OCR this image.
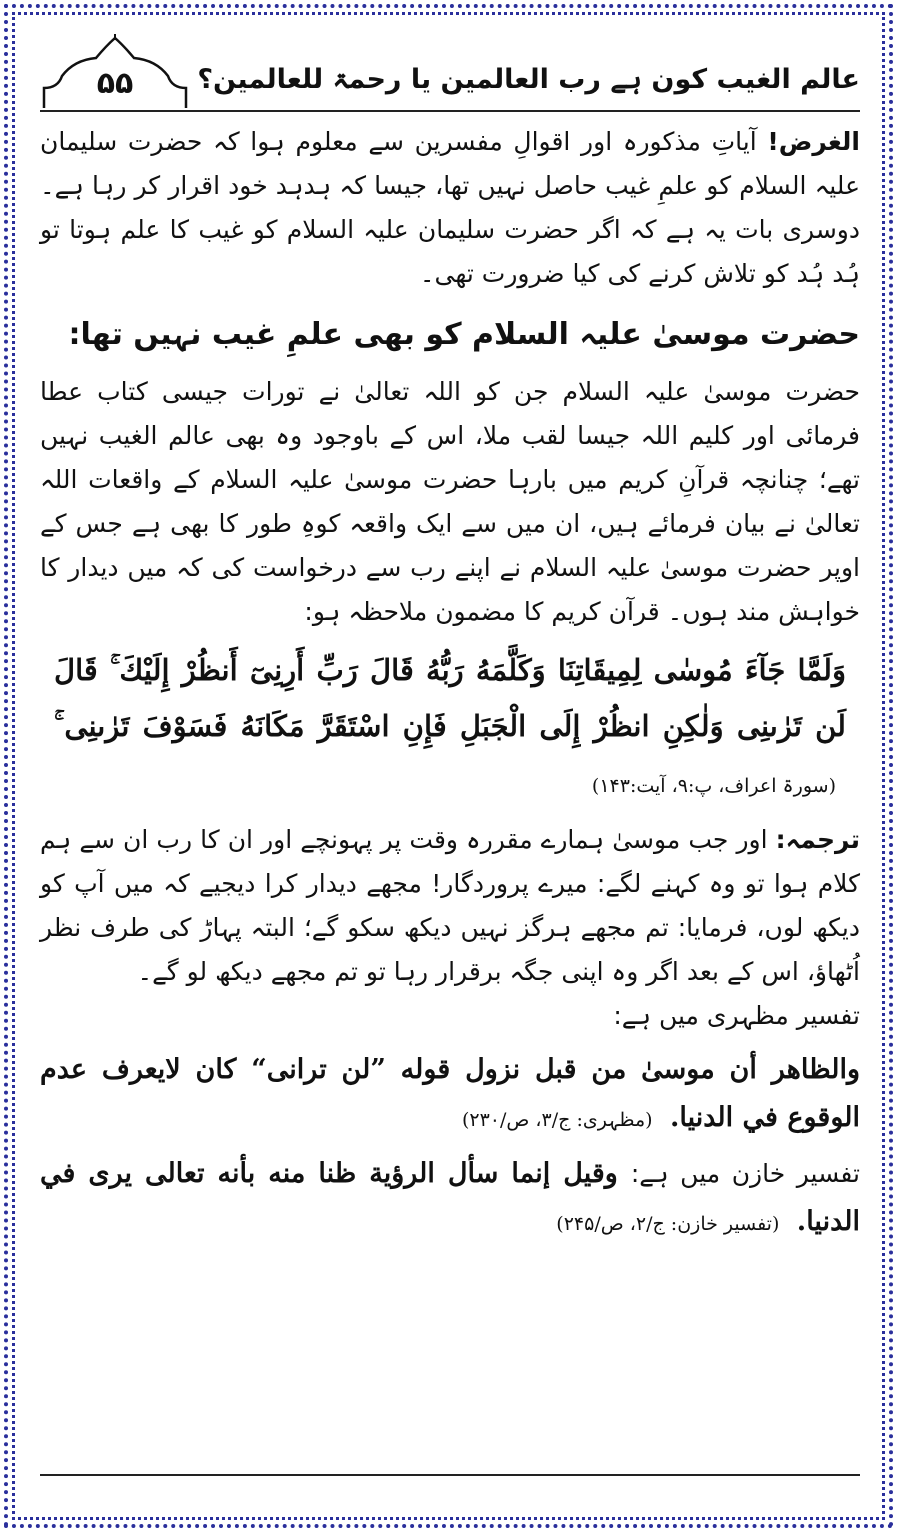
عالم الغیب کون ہے رب العالمین یا رحمۃ للعالمین؟
۵۵

الغرض! آیاتِ مذکورہ اور اقوالِ مفسرین سے معلوم ہوا کہ حضرت سلیمان علیہ السلام کو علمِ غیب حاصل نہیں تھا، جیسا کہ ہدہد خود اقرار کر رہا ہے۔ دوسری بات یہ ہے کہ اگر حضرت سلیمان علیہ السلام کو غیب کا علم ہوتا تو ہُد ہُد کو تلاش کرنے کی کیا ضرورت تھی۔

حضرت موسیٰ علیہ السلام کو بھی علمِ غیب نہیں تھا:

حضرت موسیٰ علیہ السلام جن کو اللہ تعالیٰ نے تورات جیسی کتاب عطا فرمائی اور کلیم اللہ جیسا لقب ملا، اس کے باوجود وہ بھی عالم الغیب نہیں تھے؛ چنانچہ قرآنِ کریم میں بارہا حضرت موسیٰ علیہ السلام کے واقعات اللہ تعالیٰ نے بیان فرمائے ہیں، ان میں سے ایک واقعہ کوہِ طور کا بھی ہے جس کے اوپر حضرت موسیٰ علیہ السلام نے اپنے رب سے درخواست کی کہ میں دیدار کا خواہش مند ہوں۔ قرآن کریم کا مضمون ملاحظہ ہو:

وَلَمَّا جَآءَ مُوسٰى لِمِيقَاتِنَا وَكَلَّمَهُ رَبُّهُ قَالَ رَبِّ أَرِنِىٓ أَنظُرْ إِلَيْكَ ۚ قَالَ لَن تَرٰىنِى وَلٰكِنِ انظُرْ إِلَى الْجَبَلِ فَإِنِ اسْتَقَرَّ مَكَانَهُ فَسَوْفَ تَرٰىنِى ۚ (سورۃ اعراف، پ:۹، آیت:۱۴۳)

ترجمہ: اور جب موسیٰ ہمارے مقررہ وقت پر پہونچے اور ان کا رب ان سے ہم کلام ہوا تو وہ کہنے لگے: میرے پروردگار! مجھے دیدار کرا دیجیے کہ میں آپ کو دیکھ لوں، فرمایا: تم مجھے ہرگز نہیں دیکھ سکو گے؛ البتہ پہاڑ کی طرف نظر اُٹھاؤ، اس کے بعد اگر وہ اپنی جگہ برقرار رہا تو تم مجھے دیکھ لو گے۔

تفسیر مظہری میں ہے:

والظاهر أن موسىٰ من قبل نزول قوله ”لن ترانی“ كان لايعرف عدم الوقوع في الدنيا. (مظہری: ج/۳، ص/۲۳۰)

تفسیر خازن میں ہے: وقيل إنما سأل الرؤية ظنا منه بأنه تعالى يرى في الدنيا. (تفسیر خازن: ج/۲، ص/۲۴۵)
